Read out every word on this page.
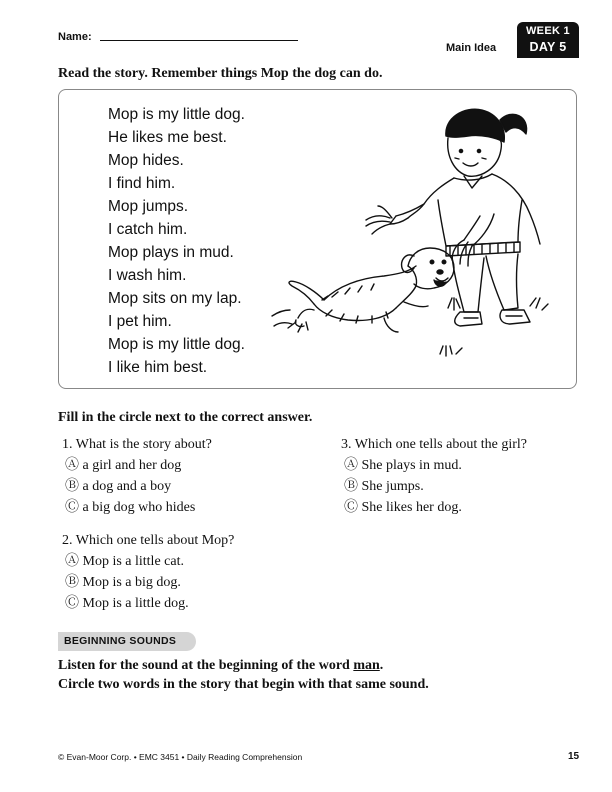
Name:
Main Idea
WEEK 1
DAY 5
Read the story. Remember things Mop the dog can do.
Mop is my little dog.
He likes me best.
Mop hides.
I find him.
Mop jumps.
I catch him.
Mop plays in mud.
I wash him.
Mop sits on my lap.
I pet him.
Mop is my little dog.
I like him best.
Fill in the circle next to the correct answer.
1. What is the story about?
Ⓐ a girl and her dog
Ⓑ a dog and a boy
Ⓒ a big dog who hides
2. Which one tells about Mop?
Ⓐ Mop is a little cat.
Ⓑ Mop is a big dog.
Ⓒ Mop is a little dog.
3. Which one tells about the girl?
Ⓐ She plays in mud.
Ⓑ She jumps.
Ⓒ She likes her dog.
BEGINNING SOUNDS
Listen for the sound at the beginning of the word man.
Circle two words in the story that begin with that same sound.
© Evan-Moor Corp. • EMC 3451 • Daily Reading Comprehension	15
